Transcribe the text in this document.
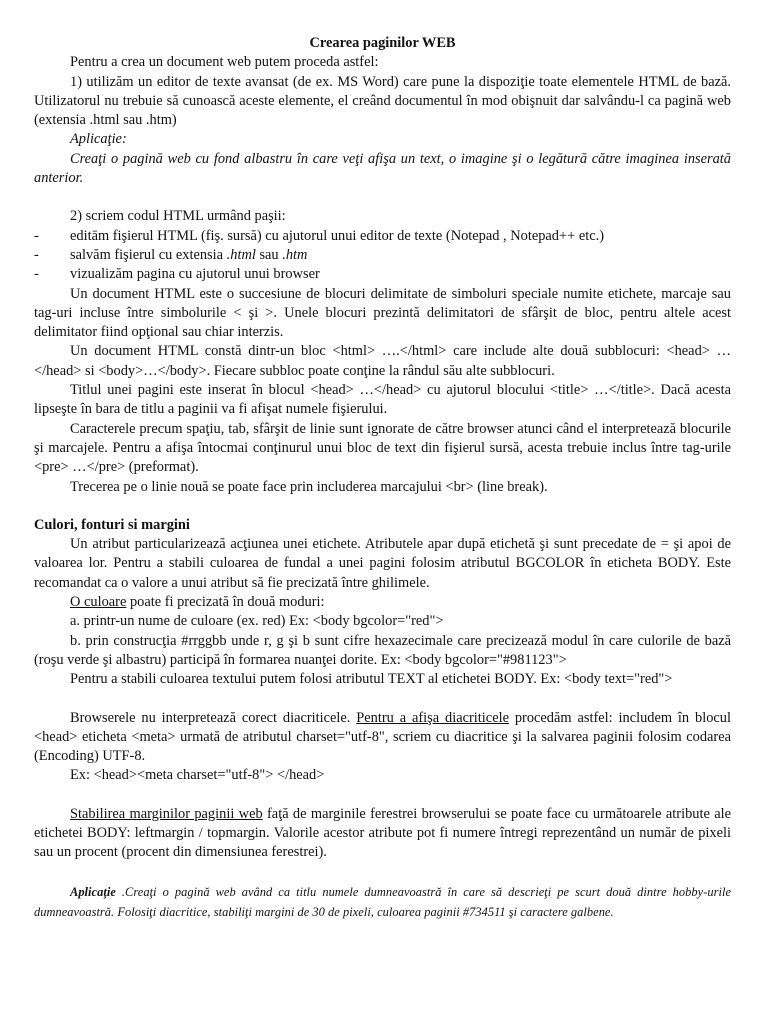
Crearea paginilor WEB

Pentru a crea un document web putem proceda astfel:

1) utilizăm un editor de texte avansat (de ex. MS Word) care pune la dispoziţie toate elementele HTML de bază. Utilizatorul nu trebuie să cunoască aceste elemente, el creând documentul în mod obişnuit dar salvându-l ca pagină web (extensia .html sau .htm)

Aplicaţie:

Creaţi o pagină web cu fond albastru în care veţi afişa un text, o imagine şi o legătură către imaginea inserată anterior.

2) scriem codul HTML urmând paşii:

- editām fişierul HTML (fiş. sursă) cu ajutorul unui editor de texte (Notepad , Notepad++ etc.)
- salvăm fişierul cu extensia .html sau .htm
- vizualizăm pagina cu ajutorul unui browser

Un document HTML este o succesiune de blocuri delimitate de simboluri speciale numite etichete, marcaje sau tag-uri incluse între simbolurile < şi >. Unele blocuri prezintă delimitatori de sfârşit de bloc, pentru altele acest delimitator fiind opţional sau chiar interzis.

Un document HTML constă dintr-un bloc <html> ….</html> care include alte două subblocuri: <head> …</head> si <body>…</body>. Fiecare subbloc poate conţine la rândul său alte subblocuri.

Titlul unei pagini este inserat în blocul <head> …</head> cu ajutorul blocului <title> …</title>. Dacă acesta lipseşte în bara de titlu a paginii va fi afişat numele fişierului.

Caracterele precum spaţiu, tab, sfârşit de linie sunt ignorate de către browser atunci când el interpretează blocurile şi marcajele. Pentru a afişa întocmai conţinurul unui bloc de text din fişierul sursă, acesta trebuie inclus între tag-urile <pre> …</pre> (preformat).

Trecerea pe o linie nouă se poate face prin includerea marcajului <br> (line break).

Culori, fonturi si margini

Un atribut particularizează acţiunea unei etichete. Atributele apar după etichetă şi sunt precedate de = şi apoi de valoarea lor. Pentru a stabili culoarea de fundal a unei pagini folosim atributul BGCOLOR în eticheta BODY. Este recomandat ca o valore a unui atribut să fie precizată între ghilimele.

O culoare poate fi precizată în două moduri:

a. printr-un nume de culoare (ex. red) Ex: <body bgcolor="red">

b. prin construcţia #rrggbb unde r, g şi b sunt cifre hexazecimale care precizează modul în care culorile de bază (roşu verde şi albastru) participă în formarea nuanţei dorite. Ex: <body bgcolor="#981123">

Pentru a stabili culoarea textului putem folosi atributul TEXT al etichetei BODY. Ex: <body text="red">

Browserele nu interpretează corect diacriticele. Pentru a afişa diacriticele procedăm astfel: includem în blocul <head> eticheta <meta> urmată de atributul charset="utf-8", scriem cu diacritice şi la salvarea paginii folosim codarea (Encoding) UTF-8.

Ex: <head><meta charset="utf-8"> </head>

Stabilirea marginilor paginii web faţă de marginile ferestrei browserului se poate face cu următoarele atribute ale etichetei BODY: leftmargin / topmargin. Valorile acestor atribute pot fi numere întregi reprezentând un număr de pixeli sau un procent (procent din dimensiunea ferestrei).

Aplicaţie .Creaţi o pagină web având ca titlu numele dumneavoastră în care să descrieţi pe scurt două dintre hobby-urile dumneavoastră. Folosiţi diacritice, stabiliţi margini de 30 de pixeli, culoarea paginii #734511 şi caractere galbene.
